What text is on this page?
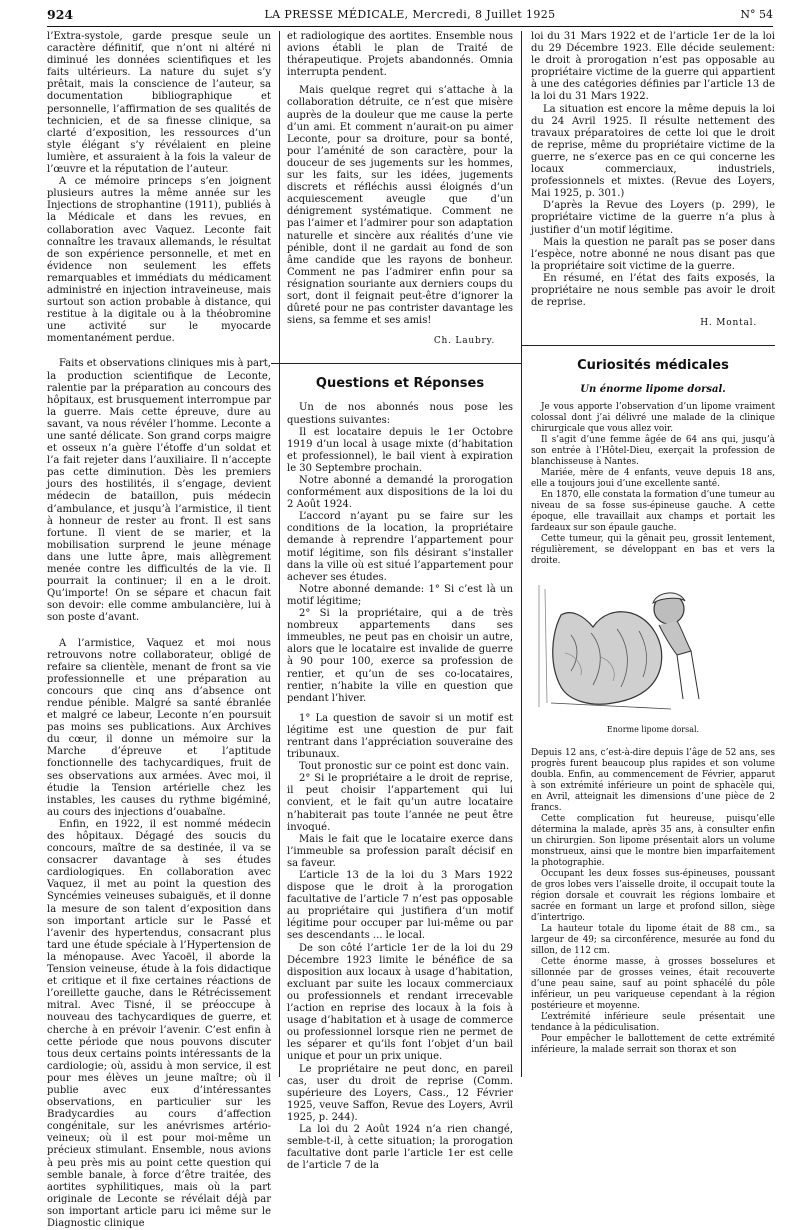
924	LA PRESSE MÉDICALE, Mercredi, 8 Juillet 1925	N° 54

l’Extra-systole, garde presque seule un caractère définitif, que n’ont ni altéré ni diminué les données scientifiques et les faits ultérieurs. La nature du sujet s’y prêtait, mais la conscience de l’auteur, sa documentation bibliographique et personnelle, l’affirmation de ses qualités de technicien, et de sa finesse clinique, sa clarté d’exposition, les ressources d’un style élégant s’y révélaient en pleine lumière, et assuraient à la fois la valeur de l’œuvre et la réputation de l’auteur.

A ce mémoire princeps s’en joignent plusieurs autres la même année sur les Injections de strophantine (1911), publiés à la Médicale et dans les revues, en collaboration avec Vaquez. Leconte fait connaître les travaux allemands, le résultat de son expérience personnelle, et met en évidence non seulement les effets remarquables et immédiats du médicament administré en injection intraveineuse, mais surtout son action probable à distance, qui restitue à la digitale ou à la théobromine une activité sur le myocarde momentanément perdue.

Faits et observations cliniques mis à part, la production scientifique de Leconte, ralentie par la préparation au concours des hôpitaux, est brusquement interrompue par la guerre. Mais cette épreuve, dure au savant, va nous révéler l’homme. Leconte a une santé délicate. Son grand corps maigre et osseux n’a guère l’étoffe d’un soldat et l’a fait rejeter dans l’auxiliaire. Il n’accepte pas cette diminution. Dès les premiers jours des hostilités, il s’engage, devient médecin de bataillon, puis médecin d’ambulance, et jusqu’à l’armistice, il tient à honneur de rester au front. Il est sans fortune. Il vient de se marier, et la mobilisation surprend le jeune ménage dans une lutte âpre, mais allègrement menée contre les difficultés de la vie. Il pourrait la continuer; il en a le droit. Qu’importe! On se sépare et chacun fait son devoir: elle comme ambulancière, lui à son poste d’avant.

A l’armistice, Vaquez et moi nous retrouvons notre collaborateur, obligé de refaire sa clientèle, menant de front sa vie professionnelle et une préparation au concours que cinq ans d’absence ont rendue pénible. Malgré sa santé ébranlée et malgré ce labeur, Leconte n’en poursuit pas moins ses publications. Aux Archives du cœur, il donne un mémoire sur la Marche d’épreuve et l’aptitude fonctionnelle des tachycardiques, fruit de ses observations aux armées. Avec moi, il étudie la Tension artérielle chez les instables, les causes du rythme bigéminé, au cours des injections d’ouabaïne.

Enfin, en 1922, il est nommé médecin des hôpitaux. Dégagé des soucis du concours, maître de sa destinée, il va se consacrer davantage à ses études cardiologiques. En collaboration avec Vaquez, il met au point la question des Syncémies veineuses subaiguës, et il donne la mesure de son talent d’exposition dans son important article sur le Passé et l’avenir des hypertendus, consacrant plus tard une étude spéciale à l’Hypertension de la ménopause. Avec Yacoël, il aborde la Tension veineuse, étude à la fois didactique et critique et il fixe certaines réactions de l’oreillette gauche, dans le Rétrécissement mitral. Avec Tisné, il se préoccupe à nouveau des tachycardiques de guerre, et cherche à en prévoir l’avenir. C’est enfin à cette période que nous pouvons discuter tous deux certains points intéressants de la cardiologie; où, assidu à mon service, il est pour mes élèves un jeune maître; où il publie avec eux d’intéressantes observations, en particulier sur les Bradycardies au cours d’affection congénitale, sur les anévrismes artério-veineux; où il est pour moi-même un précieux stimulant. Ensemble, nous avions à peu près mis au point cette question qui semble banale, à force d’être traitée, des aortites syphilitiques, mais où la part originale de Leconte se révélait déjà par son important article paru ici même sur le Diagnostic clinique

et radiologique des aortites. Ensemble nous avions établi le plan de Traité de thérapeutique. Projets abandonnés. Omnia interrupta pendent.

Mais quelque regret qui s’attache à la collaboration détruite, ce n’est que misère auprès de la douleur que me cause la perte d’un ami. Et comment n’aurait-on pu aimer Leconte, pour sa droiture, pour sa bonté, pour l’aménité de son caractère, pour la douceur de ses jugements sur les hommes, sur les faits, sur les idées, jugements discrets et réfléchis aussi éloignés d’un acquiescement aveugle que d’un dénigrement systématique. Comment ne pas l’aimer et l’admirer pour son adaptation naturelle et sincère aux réalités d’une vie pénible, dont il ne gardait au fond de son âme candide que les rayons de bonheur. Comment ne pas l’admirer enfin pour sa résignation souriante aux derniers coups du sort, dont il feignait peut-être d’ignorer la dûreté pour ne pas contrister davantage les siens, sa femme et ses amis!

Ch. Laubry.
Questions et Réponses

Un de nos abonnés nous pose les questions suivantes:

Il est locataire depuis le 1er Octobre 1919 d’un local à usage mixte (d’habitation et professionnel), le bail vient à expiration le 30 Septembre prochain.

Notre abonné a demandé la prorogation conformément aux dispositions de la loi du 2 Août 1924.

L’accord n’ayant pu se faire sur les conditions de la location, la propriétaire demande à reprendre l’appartement pour motif légitime, son fils désirant s’installer dans la ville où est situé l’appartement pour achever ses études.

Notre abonné demande: 1° Si c’est là un motif légitime;

2° Si la propriétaire, qui a de très nombreux appartements dans ses immeubles, ne peut pas en choisir un autre, alors que le locataire est invalide de guerre à 90 pour 100, exerce sa profession de rentier, et qu’un de ses co-locataires, rentier, n’habite la ville en question que pendant l’hiver.

1° La question de savoir si un motif est légitime est une question de pur fait rentrant dans l’appréciation souveraine des tribunaux.

Tout pronostic sur ce point est donc vain.

2° Si le propriétaire a le droit de reprise, il peut choisir l’appartement qui lui convient, et le fait qu’un autre locataire n’habiterait pas toute l’année ne peut être invoqué.

Mais le fait que le locataire exerce dans l’immeuble sa profession paraît décisif en sa faveur.

L’article 13 de la loi du 3 Mars 1922 dispose que le droit à la prorogation facultative de l’article 7 n’est pas opposable au propriétaire qui justifiera d’un motif légitime pour occuper par lui-même ou par ses descendants ... le local.

De son côté l’article 1er de la loi du 29 Décembre 1923 limite le bénéfice de sa disposition aux locaux à usage d’habitation, excluant par suite les locaux commerciaux ou professionnels et rendant irrecevable l’action en reprise des locaux à la fois à usage d’habitation et à usage de commerce ou professionnel lorsque rien ne permet de les séparer et qu’ils font l’objet d’un bail unique et pour un prix unique.

Le propriétaire ne peut donc, en pareil cas, user du droit de reprise (Comm. supérieure des Loyers, Cass., 12 Février 1925, veuve Saffon, Revue des Loyers, Avril 1925, p. 244).

La loi du 2 Août 1924 n’a rien changé, semble-t-il, à cette situation; la prorogation facultative dont parle l’article 1er est celle de l’article 7 de la

loi du 31 Mars 1922 et de l’article 1er de la loi du 29 Décembre 1923. Elle décide seulement: le droit à prorogation n’est pas opposable au propriétaire victime de la guerre qui appartient à une des catégories définies par l’article 13 de la loi du 31 Mars 1922.

La situation est encore la même depuis la loi du 24 Avril 1925. Il résulte nettement des travaux préparatoires de cette loi que le droit de reprise, même du propriétaire victime de la guerre, ne s’exerce pas en ce qui concerne les locaux commerciaux, industriels, professionnels et mixtes. (Revue des Loyers, Mai 1925, p. 301.)

D’après la Revue des Loyers (p. 299), le propriétaire victime de la guerre n’a plus à justifier d’un motif légitime.

Mais la question ne paraît pas se poser dans l’espèce, notre abonné ne nous disant pas que la propriétaire soit victime de la guerre.

En résumé, en l’état des faits exposés, la propriétaire ne nous semble pas avoir le droit de reprise.

H. Montal.
Curiosités médicales
Un énorme lipome dorsal.

Je vous apporte l’observation d’un lipome vraiment colossal dont j’ai délivré une malade de la clinique chirurgicale que vous allez voir.

Il s’agit d’une femme âgée de 64 ans qui, jusqu’à son entrée à l’Hôtel-Dieu, exerçait la profession de blanchisseuse à Nantes.

Mariée, mère de 4 enfants, veuve depuis 18 ans, elle a toujours joui d’une excellente santé.

En 1870, elle constata la formation d’une tumeur au niveau de sa fosse sus-épineuse gauche. A cette époque, elle travaillait aux champs et portait les fardeaux sur son épaule gauche.

Cette tumeur, qui la gênait peu, grossit lentement, régulièrement, se développant en bas et vers la droite.

Enorme lipome dorsal.

Depuis 12 ans, c’est-à-dire depuis l’âge de 52 ans, ses progrès furent beaucoup plus rapides et son volume doubla. Enfin, au commencement de Février, apparut à son extrémité inférieure un point de sphacèle qui, en Avril, atteignait les dimensions d’une pièce de 2 francs.

Cette complication fut heureuse, puisqu’elle détermina la malade, après 35 ans, à consulter enfin un chirurgien. Son lipome présentait alors un volume monstrueux, ainsi que le montre bien imparfaitement la photographie.

Occupant les deux fosses sus-épineuses, poussant de gros lobes vers l’aisselle droite, il occupait toute la région dorsale et couvrait les régions lombaire et sacrée en formant un large et profond sillon, siège d’intertrigo.

La hauteur totale du lipome était de 88 cm., sa largeur de 49; sa circonférence, mesurée au fond du sillon, de 112 cm.

Cette énorme masse, à grosses bosselures et sillonnée par de grosses veines, était recouverte d’une peau saine, sauf au point sphacélé du pôle inférieur, un peu variqueuse cependant à la région postérieure et moyenne.

L’extrémité inférieure seule présentait une tendance à la pédiculisation.

Pour empêcher le ballottement de cette extrémité inférieure, la malade serrait son thorax et son
